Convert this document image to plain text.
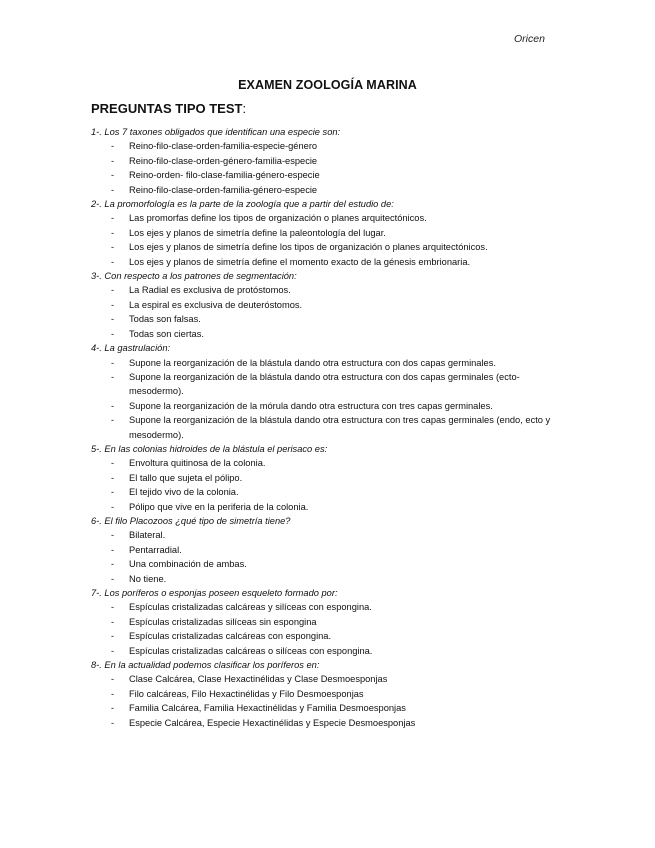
Oricen
EXAMEN ZOOLOGÍA MARINA
PREGUNTAS TIPO TEST:
1-. Los 7 taxones obligados que identifican una especie son:
- Reino-filo-clase-orden-familia-especie-género
- Reino-filo-clase-orden-género-familia-especie
- Reino-orden- filo-clase-familia-género-especie
- Reino-filo-clase-orden-familia-género-especie
2-. La promorfología es la parte de la zoología que a partir del estudio de:
- Las promorfas define los tipos de organización o planes arquitectónicos.
- Los ejes y planos de simetría define la paleontología del lugar.
- Los ejes y planos de simetría define los tipos de organización o planes arquitectónicos.
- Los ejes y planos de simetría define el momento exacto de la génesis embrionaria.
3-. Con respecto a los patrones de segmentación:
- La Radial es exclusiva de protóstomos.
- La espiral es exclusiva de deuteróstomos.
- Todas son falsas.
- Todas son ciertas.
4-. La gastrulación:
- Supone la reorganización de la blástula dando otra estructura con dos capas germinales.
- Supone la reorganización de la blástula dando otra estructura con dos capas germinales (ecto- mesodermo).
- Supone la reorganización de la mórula dando otra estructura con tres capas germinales.
- Supone la reorganización de la blástula dando otra estructura con tres capas germinales (endo, ecto y mesodermo).
5-. En las colonias hidroides de la blástula el perisaco es:
- Envoltura quitinosa de la colonia.
- El tallo que sujeta el pólipo.
- El tejido vivo de la colonia.
- Pólipo que vive en la periferia de la colonia.
6-. El filo Placozoos ¿qué tipo de simetría tiene?
- Bilateral.
- Pentarradial.
- Una combinación de ambas.
- No tiene.
7-. Los poríferos o esponjas poseen esqueleto formado por:
- Espículas cristalizadas calcáreas y silíceas con espongina.
- Espículas cristalizadas silíceas sin espongina
- Espículas cristalizadas calcáreas con espongina.
- Espículas cristalizadas calcáreas o silíceas con espongina.
8-. En la actualidad podemos clasificar los poríferos en:
- Clase Calcárea, Clase Hexactinélidas y Clase Desmoesponjas
- Filo calcáreas, Filo Hexactinélidas y Filo Desmoesponjas
- Familia Calcárea, Familia Hexactinélidas y Familia Desmoesponjas
- Especie Calcárea, Especie Hexactinélidas y Especie Desmoesponjas
